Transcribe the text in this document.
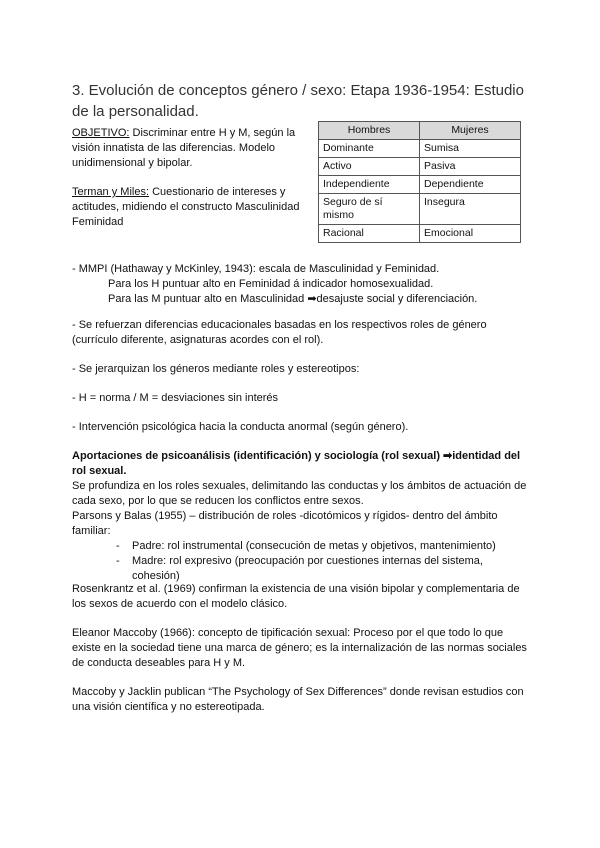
3. Evolución de conceptos género / sexo: Etapa 1936-1954: Estudio de la personalidad.

OBJETIVO: Discriminar entre H y M, según la visión innatista de las diferencias. Modelo unidimensional y bipolar.

Terman y Miles: Cuestionario de intereses y actitudes, midiendo el constructo Masculinidad Feminidad

Hombres	Mujeres
Dominante	Sumisa
Activo	Pasiva
Independiente	Dependiente
Seguro de sí mismo	Insegura
Racional	Emocional

- MMPI (Hathaway y McKinley, 1943): escala de Masculinidad y Feminidad.

Para los H puntuar alto en Feminidad á indicador homosexualidad.

Para las M puntuar alto en Masculinidad ➡desajuste social y diferenciación.

- Se refuerzan diferencias educacionales basadas en los respectivos roles de género (currículo diferente, asignaturas acordes con el rol).

- Se jerarquizan los géneros mediante roles y estereotipos:

- H = norma / M = desviaciones sin interés

- Intervención psicológica hacia la conducta anormal (según género).

Aportaciones de psicoanálisis (identificación) y sociología (rol sexual) ➡identidad del rol sexual.

Se profundiza en los roles sexuales, delimitando las conductas y los ámbitos de actuación de cada sexo, por lo que se reducen los conflictos entre sexos.

Parsons y Balas (1955) – distribución de roles -dicotómicos y rígidos- dentro del ámbito familiar:

- Padre: rol instrumental (consecución de metas y objetivos, mantenimiento)
- Madre: rol expresivo (preocupación por cuestiones internas del sistema, cohesión)

Rosenkrantz et al. (1969) confirman la existencia de una visión bipolar y complementaria de los sexos de acuerdo con el modelo clásico.

Eleanor Maccoby (1966): concepto de tipificación sexual: Proceso por el que todo lo que existe en la sociedad tiene una marca de género; es la internalización de las normas sociales de conducta deseables para H y M.

Maccoby y Jacklin publican “The Psychology of Sex Differences” donde revisan estudios con una visión científica y no estereotipada.
